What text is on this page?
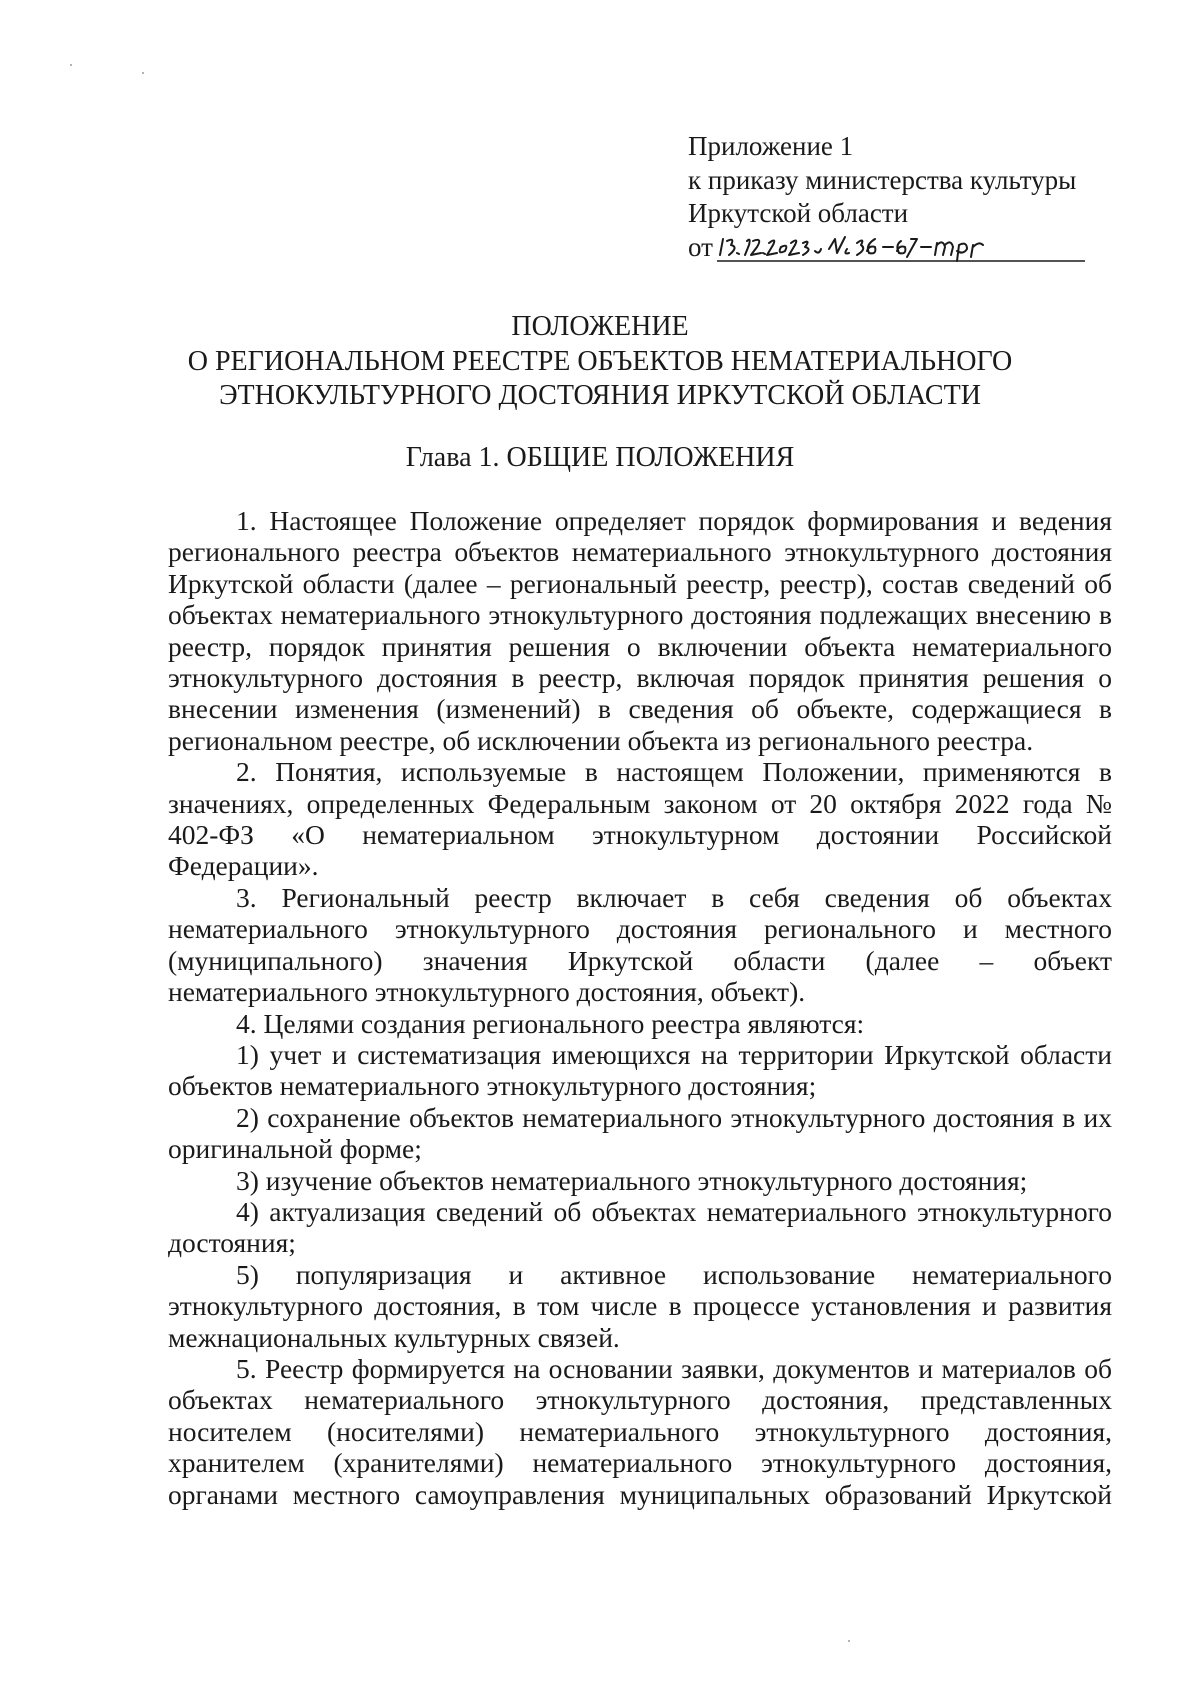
Приложение 1
к приказу министерства культуры
Иркутской области
от
ПОЛОЖЕНИЕ
О РЕГИОНАЛЬНОМ РЕЕСТРЕ ОБЪЕКТОВ НЕМАТЕРИАЛЬНОГО
ЭТНОКУЛЬТУРНОГО ДОСТОЯНИЯ ИРКУТСКОЙ ОБЛАСТИ
Глава 1. ОБЩИЕ ПОЛОЖЕНИЯ

1. Настоящее Положение определяет порядок формирования и ведения регионального реестра объектов нематериального этнокультурного достояния Иркутской области (далее – региональный реестр, реестр), состав сведений об объектах нематериального этнокультурного достояния подлежащих внесению в реестр, порядок принятия решения о включении объекта нематериального этнокультурного достояния в реестр, включая порядок принятия решения о внесении изменения (изменений) в сведения об объекте, содержащиеся в региональном реестре, об исключении объекта из регионального реестра.

2. Понятия, используемые в настоящем Положении, применяются в значениях, определенных Федеральным законом от 20 октября 2022 года № 402-ФЗ «О нематериальном этнокультурном достоянии Российской Федерации».

3. Региональный реестр включает в себя сведения об объектах нематериального этнокультурного достояния регионального и местного (муниципального) значения Иркутской области (далее – объект нематериального этнокультурного достояния, объект).

4. Целями создания регионального реестра являются:

1) учет и систематизация имеющихся на территории Иркутской области объектов нематериального этнокультурного достояния;

2) сохранение объектов нематериального этнокультурного достояния в их оригинальной форме;

3) изучение объектов нематериального этнокультурного достояния;

4) актуализация сведений об объектах нематериального этнокультурного достояния;

5) популяризация и активное использование нематериального этнокультурного достояния, в том числе в процессе установления и развития межнациональных культурных связей.

5. Реестр формируется на основании заявки, документов и материалов об объектах нематериального этнокультурного достояния, представленных носителем (носителями) нематериального этнокультурного достояния, хранителем (хранителями) нематериального этнокультурного достояния, органами местного самоуправления муниципальных образований Иркутской
